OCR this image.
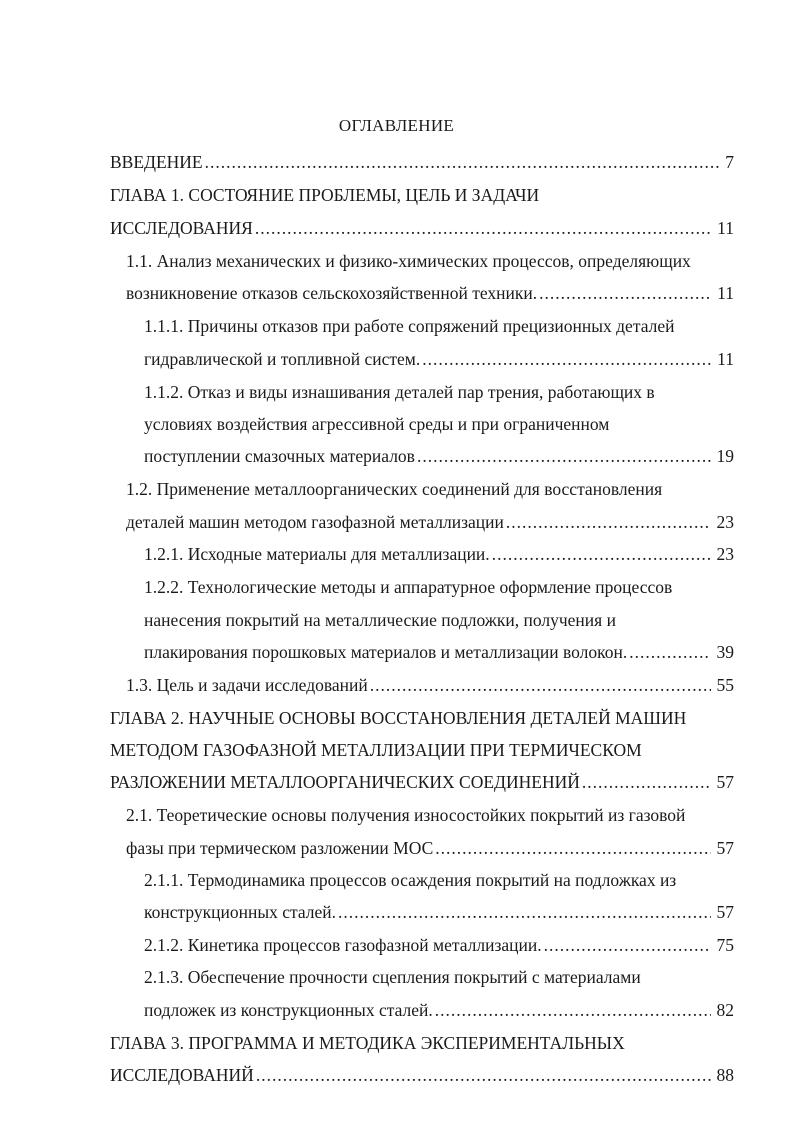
ОГЛАВЛЕНИЕ
ВВЕДЕНИЕ .....	7
ГЛАВА 1. СОСТОЯНИЕ ПРОБЛЕМЫ, ЦЕЛЬ И ЗАДАЧИ
ИССЛЕДОВАНИЯ .....	11
1.1. Анализ механических и физико-химических процессов, определяющих
возникновение отказов сельскохозяйственной техники. .....	11
1.1.1. Причины отказов при работе сопряжений прецизионных деталей
гидравлической и топливной систем. .....	11
1.1.2. Отказ и виды изнашивания деталей пар трения, работающих в
условиях воздействия агрессивной среды и при ограниченном
поступлении смазочных материалов .....	19
1.2. Применение металлоорганических соединений для восстановления
деталей машин методом газофазной металлизации .....	23
1.2.1. Исходные материалы для металлизации. .....	23
1.2.2. Технологические методы и аппаратурное оформление процессов
нанесения покрытий на металлические подложки, получения и
плакирования порошковых материалов и металлизации волокон. .....	39
1.3. Цель и задачи исследований .....	55
ГЛАВА 2. НАУЧНЫЕ ОСНОВЫ ВОССТАНОВЛЕНИЯ ДЕТАЛЕЙ МАШИН
МЕТОДОМ ГАЗОФАЗНОЙ МЕТАЛЛИЗАЦИИ ПРИ ТЕРМИЧЕСКОМ
РАЗЛОЖЕНИИ МЕТАЛЛООРГАНИЧЕСКИХ СОЕДИНЕНИЙ .....	57
2.1. Теоретические основы получения износостойких покрытий из газовой
фазы при термическом разложении МОС .....	57
2.1.1. Термодинамика процессов осаждения покрытий на подложках из
конструкционных сталей. .....	57
2.1.2. Кинетика процессов газофазной металлизации. .....	75
2.1.3. Обеспечение прочности сцепления покрытий с материалами
подложек из конструкционных сталей. .....	82
ГЛАВА 3. ПРОГРАММА И МЕТОДИКА ЭКСПЕРИМЕНТАЛЬНЫХ
ИССЛЕДОВАНИЙ .....	88
